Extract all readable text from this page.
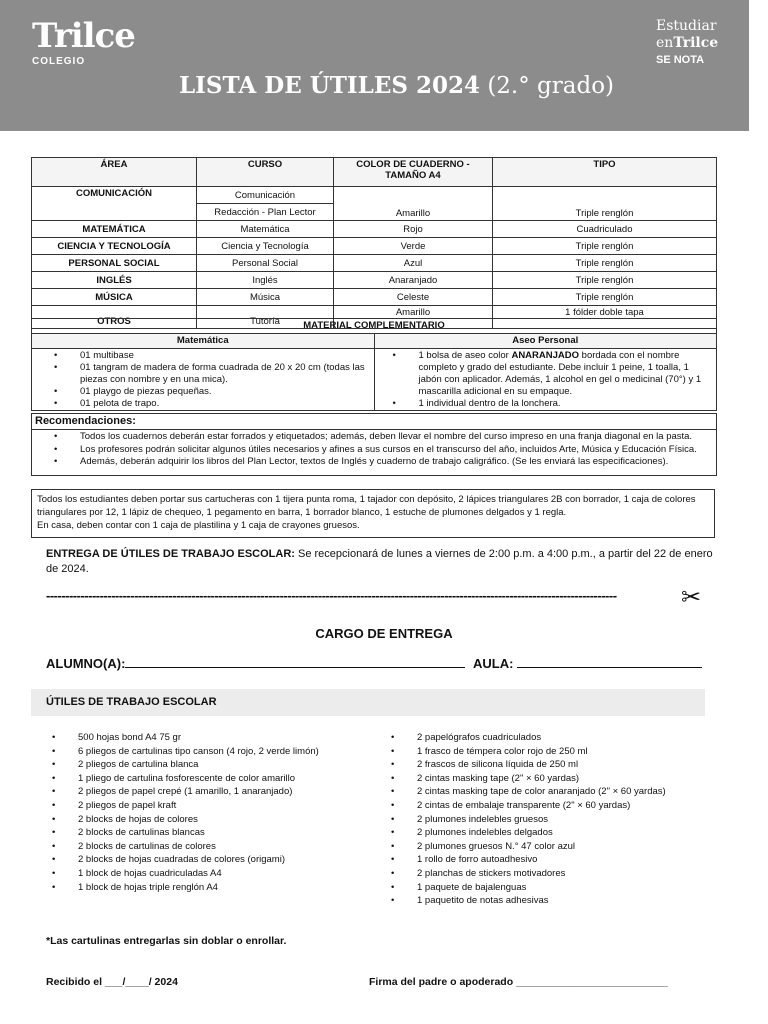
Trilce
COLEGIO
LISTA DE ÚTILES 2024 (2.° grado)
Estudiar
enTrilce
SE NOTA
ÁREA	CURSO	COLOR DE CUADERNO - TAMAÑO A4	TIPO
COMUNICACIÓN	Comunicación	Amarillo	Triple renglón
	Redacción - Plan Lector		
MATEMÁTICA	Matemática	Rojo	Cuadriculado
CIENCIA Y TECNOLOGÍA	Ciencia y Tecnología	Verde	Triple renglón
PERSONAL SOCIAL	Personal Social	Azul	Triple renglón
INGLÉS	Inglés	Anaranjado	Triple renglón
MÚSICA	Música	Celeste	Triple renglón
OTROS	Tutoría	Amarillo	1 fólder doble tapa
MATERIAL COMPLEMENTARIO
Matemática
• 01 multibase
• 01 tangram de madera de forma cuadrada de 20 x 20 cm (todas las piezas con nombre y en una mica).
• 01 playgo de piezas pequeñas.
• 01 pelota de trapo.
Aseo Personal
• 1 bolsa de aseo color ANARANJADO bordada con el nombre completo y grado del estudiante. Debe incluir 1 peine, 1 toalla, 1 jabón con aplicador. Además, 1 alcohol en gel o medicinal (70°) y 1 mascarilla adicional en su empaque.
• 1 individual dentro de la lonchera.
Recomendaciones:
• Todos los cuadernos deberán estar forrados y etiquetados; además, deben llevar el nombre del curso impreso en una franja diagonal en la pasta.
• Los profesores podrán solicitar algunos útiles necesarios y afines a sus cursos en el transcurso del año, incluidos Arte, Música y Educación Física.
• Además, deberán adquirir los libros del Plan Lector, textos de Inglés y cuaderno de trabajo caligráfico. (Se les enviará las especificaciones).
Todos los estudiantes deben portar sus cartucheras con 1 tijera punta roma, 1 tajador con depósito, 2 lápices triangulares 2B con borrador, 1 caja de colores triangulares por 12, 1 lápiz de chequeo, 1 pegamento en barra, 1 borrador blanco, 1 estuche de plumones delgados y 1 regla.
En casa, deben contar con 1 caja de plastilina y 1 caja de crayones gruesos.
ENTREGA DE ÚTILES DE TRABAJO ESCOLAR: Se recepcionará de lunes a viernes de 2:00 p.m. a 4:00 p.m., a partir del 22 de enero de 2024.
-----------------------------------------------------------------------------------------------------------------------------------------------------	✂
CARGO DE ENTREGA
ALUMNO(A):	AULA:
ÚTILES DE TRABAJO ESCOLAR
• 500 hojas bond A4 75 gr
• 6 pliegos de cartulinas tipo canson (4 rojo, 2 verde limón)
• 2 pliegos de cartulina blanca
• 1 pliego de cartulina fosforescente de color amarillo
• 2 pliegos de papel crepé (1 amarillo, 1 anaranjado)
• 2 pliegos de papel kraft
• 2 blocks de hojas de colores
• 2 blocks de cartulinas blancas
• 2 blocks de cartulinas de colores
• 2 blocks de hojas cuadradas de colores (origami)
• 1 block de hojas cuadriculadas A4
• 1 block de hojas triple renglón A4
• 2 papelógrafos cuadriculados
• 1 frasco de témpera color rojo de 250 ml
• 2 frascos de silicona líquida de 250 ml
• 2 cintas masking tape (2" × 60 yardas)
• 2 cintas masking tape de color anaranjado (2" × 60 yardas)
• 2 cintas de embalaje transparente (2" × 60 yardas)
• 2 plumones indelebles gruesos
• 2 plumones indelebles delgados
• 2 plumones gruesos N.° 47 color azul
• 1 rollo de forro autoadhesivo
• 2 planchas de stickers motivadores
• 1 paquete de bajalenguas
• 1 paquetito de notas adhesivas
*Las cartulinas entregarlas sin doblar o enrollar.
Recibido el ___/____/ 2024	Firma del padre o apoderado __________________________
